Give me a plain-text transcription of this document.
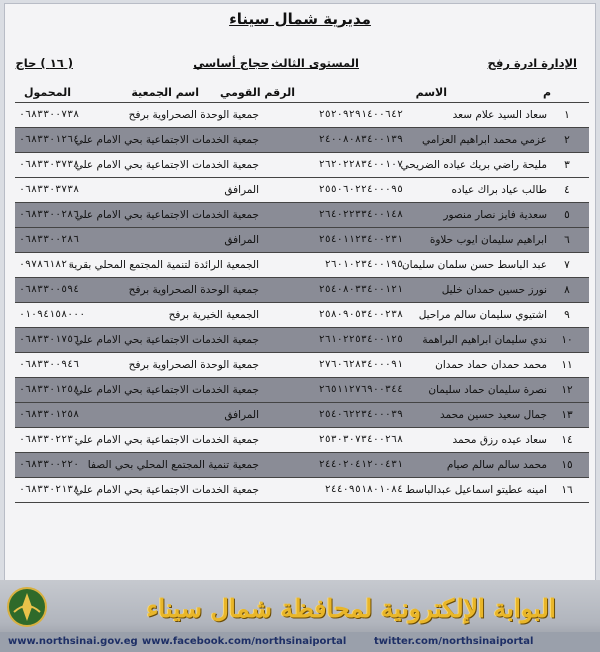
مديرية شمال سيناء
الإدارة ادرة رفح
المستوى الثالث
حجاج أساسي
( ١٦ ) حاج
م
الاسم
الرقم القومي
اسم الجمعية
المحمول
١
سعاد السيد علام سعد
٢٥٢٠٩٢٩١٤٠٠٦٤٢
جمعية الوحدة الصحراوية برفح
٠٦٨٣٣٠٠٧٣٨
٢
عزمي محمد ابراهيم العزامي
٢٤٠٠٨٠٨٣٤٠٠١٣٩
جمعية الخدمات الاجتماعية بحي الامام علي
٠٦٨٣٣٠١٢٦٤
٣
مليحة راضي بريك عياده الضريحي
٢٦٢٠٢٢٨٣٤٠٠١٠٧
جمعية الخدمات الاجتماعية بحي الامام علي
٠٦٨٣٣٠٣٧٣٨
٤
طالب عياد براك عياده
٢٥٥٠٦٠٢٢٤٠٠٠٩٥
المرافق
٠٦٨٣٣٠٣٧٣٨
٥
سعدية فايز نصار منصور
٢٦٤٠٢٢٣٣٤٠٠١٤٨
جمعية الخدمات الاجتماعية بحي الامام علي
٠٦٨٣٣٠٠٢٨٦
٦
ابراهيم سليمان ايوب حلاوة
٢٥٤٠١١٢٣٤٠٠٢٣١
المرافق
٠٦٨٣٣٠٠٢٨٦
٧
عبد الباسط حسن سلمان سليمان
٢٦٠١٠٢٣٤٠٠١٩٥
الجمعية الرائدة لتنمية المجتمع المحلي بقرية
٠٩٧٨٦١٨٢٠
٨
نورز حسين حمدان خليل
٢٥٤٠٨٠٣٣٤٠٠١٢١
جمعية الوحدة الصحراوية برفح
٠٦٨٣٣٠٠٥٩٤
٩
اشتيوي سليمان سالم مراحيل
٢٥٨٠٩٠٥٣٤٠٠٢٣٨
الجمعية الخيرية برفح
٠١٠٩٤١٥٨٠٠٠
١٠
ندي سليمان ابراهيم البراهمة
٢٦١٠٢٢٥٣٤٠٠١٢٥
جمعية الخدمات الاجتماعية بحي الامام علي
٠٦٨٣٣٠١٧٥٦
١١
محمد حمدان حماد حمدان
٢٧٦٠٦٢٨٣٤٠٠٠٩١
جمعية الوحدة الصحراوية برفح
٠٦٨٣٣٠٠٩٤٦
١٢
نصرة سليمان حماد سليمان
٢٦٥١١٢٧٦٩٠٠٣٤٤
جمعية الخدمات الاجتماعية بحي الامام علي
٠٦٨٣٣٠١٢٥٨
١٣
جمال سعيد حسين محمد
٢٥٤٠٦٢٢٣٤٠٠٠٣٩
المرافق
٠٦٨٣٣٠١٢٥٨
١٤
سعاد عيده رزق محمد
٢٥٣٠٣٠٧٣٤٠٠٢٦٨
جمعية الخدمات الاجتماعية بحي الامام علي
٠٦٨٣٣٠٢٢٣٠
١٥
محمد سالم سالم صيام
٢٤٤٠٢٠٤١٢٠٠٤٣١
جمعية تنمية المجتمع المحلي بحي الصفا
٠٦٨٣٣٠٠٢٢٠
١٦
امينه عطيتو اسماعيل عبدالباسط
٢٤٤٠٩٥١٨٠١٠٨٤
جمعية الخدمات الاجتماعية بحي الامام علي
٠٦٨٣٣٠٢١٣٨
البوابة الإلكترونية لمحافظة شمال سيناء
www.northsinai.gov.eg www.facebook.com/northsinaiportal	twitter.com/northsinaiportal
